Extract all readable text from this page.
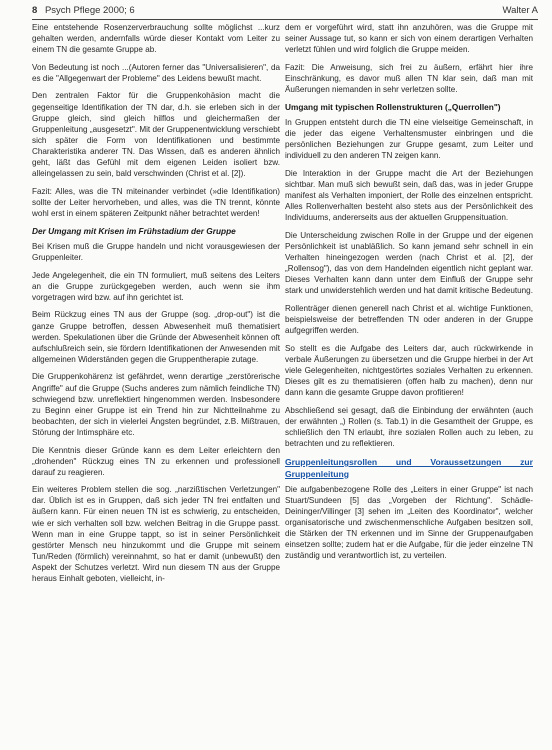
8 Psych Pflege 2000; 6	Walter A

Eine entstehende Rosenzerverbrauchung sollte möglichst ...kurz gehalten werden, andernfalls würde dieser Kontakt vom Leiter zu einem TN die gesamte Gruppe ab.

Von Bedeutung ist noch ...(Autoren ferner das "Universalisieren", da es die "Allgegenwart der Probleme" des Leidens bewußt macht.

Den zentralen Faktor für die Gruppenkohäsion macht die gegenseitige Identifikation der TN dar, d.h. sie erleben sich in der Gruppe gleich, sind gleich hilflos und gleichermaßen der Gruppenleitung „ausgesetzt". Mit der Gruppenentwicklung verschiebt sich später die Form von Identifikationen und bestimmte Charakteristika anderer TN. Das Wissen, daß es anderen ähnlich geht, läßt das Gefühl mit dem eigenen Leiden isoliert bzw. alleingelassen zu sein, bald verschwinden (Christ et al. [2]).

Fazit: Alles, was die TN miteinander verbindet (»die Identifikation) sollte der Leiter hervorheben, und alles, was die TN trennt, könnte wohl erst in einem späteren Zeitpunkt näher betrachtet werden!

Der Umgang mit Krisen im Frühstadium der Gruppe

Bei Krisen muß die Gruppe handeln und nicht vorausgewiesen der Gruppenleiter.

Jede Angelegenheit, die ein TN formuliert, muß seitens des Leiters an die Gruppe zurückgegeben werden, auch wenn sie ihm vorgetragen wird bzw. auf ihn gerichtet ist.

Beim Rückzug eines TN aus der Gruppe (sog. „drop-out") ist die ganze Gruppe betroffen, dessen Abwesenheit muß thematisiert werden. Spekulationen über die Gründe der Abwesenheit können oft aufschlußreich sein, sie fördern Identifikationen der Anwesenden mit allgemeinen Widerständen gegen die Gruppentherapie zutage.

Die Gruppenkohärenz ist gefährdet, wenn derartige „zerstörerische Angriffe" auf die Gruppe (Suchs anderes zum nämlich feindliche TN) schwiegend bzw. unreflektiert hingenommen werden. Insbesondere zu Beginn einer Gruppe ist ein Trend hin zur Nichtteilnahme zu beobachten, der sich in vielerlei Ängsten begründet, z.B. Mißtrauen, Störung der Intimsphäre etc.

Die Kenntnis dieser Gründe kann es dem Leiter erleichtern den „drohenden" Rückzug eines TN zu erkennen und professionell darauf zu reagieren.

Ein weiteres Problem stellen die sog. „narzißtischen Verletzungen" dar. Üblich ist es in Gruppen, daß sich jeder TN frei entfalten und äußern kann. Für einen neuen TN ist es schwierig, zu entscheiden, wie er sich verhalten soll bzw. welchen Beitrag in die Gruppe passt. Wenn man in eine Gruppe tappt, so ist in seiner Persönlichkeit gestörter Mensch neu hinzukommt und die Gruppe mit seinem Tun/Reden (förmlich) vereinnahmt, so hat er damit (unbewußt) den Aspekt der Schutzes verletzt. Wird nun diesem TN aus der Gruppe heraus Einhalt geboten, vielleicht, in-

dem er vorgeführt wird, statt ihn anzuhören, was die Gruppe mit seiner Aussage tut, so kann er sich von einem derartigen Verhalten verletzt fühlen und wird folglich die Gruppe meiden.

Fazit: Die Anweisung, sich frei zu äußern, erfährt hier ihre Einschränkung, es davor muß allen TN klar sein, daß man mit Äußerungen niemanden in sehr verletzen sollte.

Umgang mit typischen Rollenstrukturen („Querrollen")

In Gruppen entsteht durch die TN eine vielseitige Gemeinschaft, in die jeder das eigene Verhaltensmuster einbringen und die persönlichen Beziehungen zur Gruppe gesamt, zum Leiter und individuell zu den anderen TN zeigen kann.

Die Interaktion in der Gruppe macht die Art der Beziehungen sichtbar. Man muß sich bewußt sein, daß das, was in jeder Gruppe manifest als Verhalten imponiert, der Rolle des einzelnen entspricht. Alles Rollenverhalten besteht also stets aus der Persönlichkeit des Individuums, andererseits aus der aktuellen Gruppensituation.

Die Unterscheidung zwischen Rolle in der Gruppe und der eigenen Persönlichkeit ist unabläßlich. So kann jemand sehr schnell in ein Verhalten hineingezogen werden (nach Christ et al. [2], der „Rollensog"), das von dem Handelnden eigentlich nicht geplant war. Dieses Verhalten kann dann unter dem Einfluß der Gruppe sehr stark und unwiderstehlich werden und hat damit kritische Bedeutung.

Rollenträger dienen generell nach Christ et al. wichtige Funktionen, beispielsweise der betreffenden TN oder anderen in der Gruppe aufgegriffen werden.

So stellt es die Aufgabe des Leiters dar, auch rückwirkende in verbale Äußerungen zu übersetzen und die Gruppe hierbei in der Art viele Gelegenheiten, nichtgestörtes soziales Verhalten zu erkennen. Dieses gilt es zu thematisieren (offen halb zu machen), denn nur dann kann die gesamte Gruppe davon profitieren!

Abschließend sei gesagt, daß die Einbindung der erwähnten (auch der erwähnten „) Rollen (s. Tab.1) in die Gesamtheit der Gruppe, es schließlich den TN erlaubt, ihre sozialen Rollen auch zu leben, zu betrachten und zu reflektieren.

Gruppenleitungsrollen und Voraussetzungen zur Gruppenleitung

Die aufgabenbezogene Rolle des „Leiters in einer Gruppe" ist nach Stuart/Sundeen [5] das „Vorgeben der Richtung". Schädle-Deininger/Villinger [3] sehen im „Leiten des Koordinator", welcher organisatorische und zwischenmenschliche Aufgaben besitzen soll, die Stärken der TN erkennen und im Sinne der Gruppenaufgaben einsetzen sollte; zudem hat er die Aufgabe, für die jeder einzelne TN zuständig und verantwortlich ist, zu verteilen.
